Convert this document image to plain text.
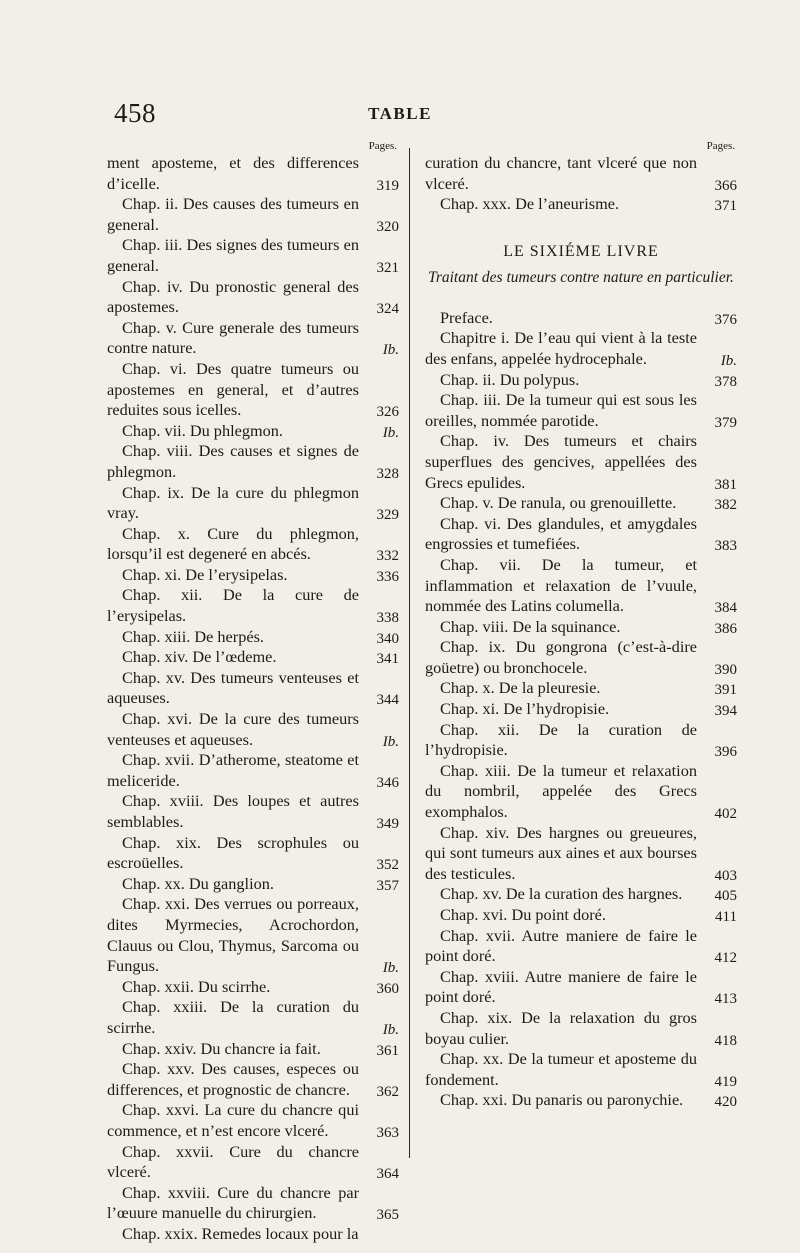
458	TABLE
Pages.
ment aposteme, et des differences d’icelle.	319
Chap. ii. Des causes des tumeurs en general.	320
Chap. iii. Des signes des tumeurs en general.	321
Chap. iv. Du pronostic general des apostemes.	324
Chap. v. Cure generale des tumeurs contre nature.	Ib.
Chap. vi. Des quatre tumeurs ou apostemes en general, et d’autres reduites sous icelles.	326
Chap. vii. Du phlegmon.	Ib.
Chap. viii. Des causes et signes de phlegmon.	328
Chap. ix. De la cure du phlegmon vray.	329
Chap. x. Cure du phlegmon, lorsqu’il est degeneré en abcés.	332
Chap. xi. De l’erysipelas.	336
Chap. xii. De la cure de l’erysipelas.	338
Chap. xiii. De herpés.	340
Chap. xiv. De l’œdeme.	341
Chap. xv. Des tumeurs venteuses et aqueuses.	344
Chap. xvi. De la cure des tumeurs venteuses et aqueuses.	Ib.
Chap. xvii. D’atherome, steatome et meliceride.	346
Chap. xviii. Des loupes et autres semblables.	349
Chap. xix. Des scrophules ou escroüelles.	352
Chap. xx. Du ganglion.	357
Chap. xxi. Des verrues ou porreaux, dites Myrmecies, Acrochordon, Clauus ou Clou, Thymus, Sarcoma ou Fungus.	Ib.
Chap. xxii. Du scirrhe.	360
Chap. xxiii. De la curation du scirrhe.	Ib.
Chap. xxiv. Du chancre ia fait.	361
Chap. xxv. Des causes, especes ou differences, et prognostic de chancre.	362
Chap. xxvi. La cure du chancre qui commence, et n’est encore vlceré.	363
Chap. xxvii. Cure du chancre vlceré.	364
Chap. xxviii. Cure du chancre par l’œuure manuelle du chirurgien.	365
Chap. xxix. Remedes locaux pour la
Pages.
curation du chancre, tant vlceré que non vlceré.	366
Chap. xxx. De l’aneurisme.	371
LE SIXIÉME LIVRE
Traitant des tumeurs contre nature en particulier.
Preface.	376
Chapitre i. De l’eau qui vient à la teste des enfans, appelée hydrocephale.	Ib.
Chap. ii. Du polypus.	378
Chap. iii. De la tumeur qui est sous les oreilles, nommée parotide.	379
Chap. iv. Des tumeurs et chairs superflues des gencives, appellées des Grecs epulides.	381
Chap. v. De ranula, ou grenouillette.	382
Chap. vi. Des glandules, et amygdales engrossies et tumefiées.	383
Chap. vii. De la tumeur, et inflammation et relaxation de l’vuule, nommée des Latins columella.	384
Chap. viii. De la squinance.	386
Chap. ix. Du gongrona (c’est-à-dire goüetre) ou bronchocele.	390
Chap. x. De la pleuresie.	391
Chap. xi. De l’hydropisie.	394
Chap. xii. De la curation de l’hydropisie.	396
Chap. xiii. De la tumeur et relaxation du nombril, appelée des Grecs exomphalos.	402
Chap. xiv. Des hargnes ou greueures, qui sont tumeurs aux aines et aux bourses des testicules.	403
Chap. xv. De la curation des hargnes.	405
Chap. xvi. Du point doré.	411
Chap. xvii. Autre maniere de faire le point doré.	412
Chap. xviii. Autre maniere de faire le point doré.	413
Chap. xix. De la relaxation du gros boyau culier.	418
Chap. xx. De la tumeur et aposteme du fondement.	419
Chap. xxi. Du panaris ou paronychie.	420
